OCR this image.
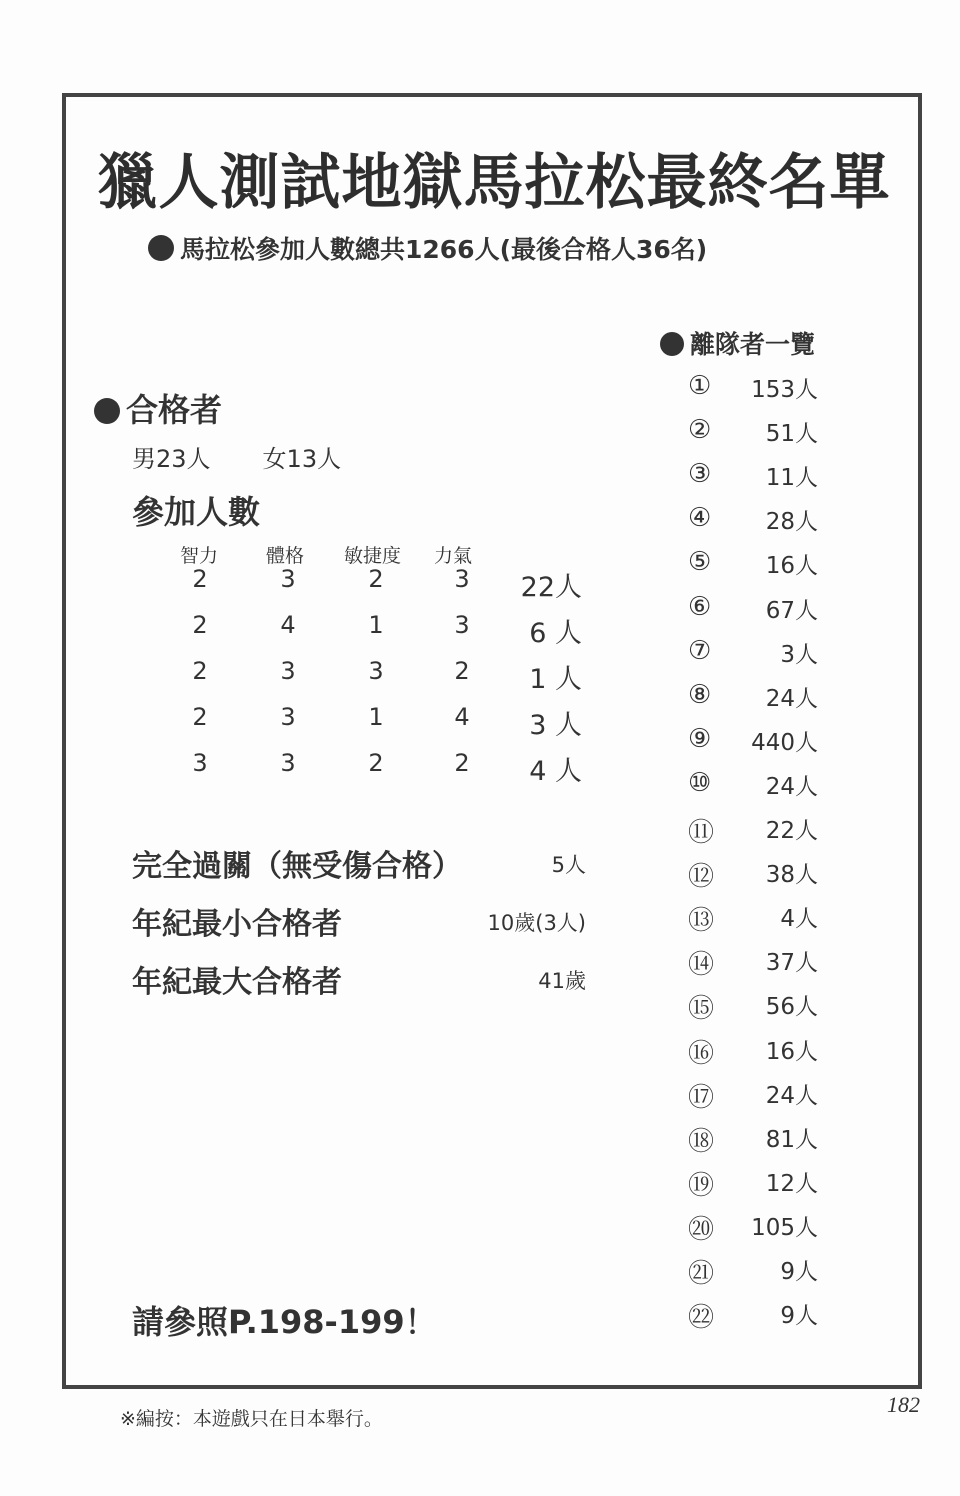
獵人測試地獄馬拉松最終名單
馬拉松參加人數總共1266人(最後合格人36名)
合格者
男23人 女13人
參加人數
智力	體格 敏捷度 力氣
2	3	2	3	22人
2	4	1	3	6 人
2	3	3	2	1 人
2	3	1	4	3 人
3	3	2	2	4 人
完全過關（無受傷合格）	5人
年紀最小合格者	10歲(3人)
年紀最大合格者	41歲
請參照P.198-199！
離隊者一覽
① 153人
② 51人
③ 11人
④ 28人
⑤ 16人
⑥ 67人
⑦	3人
⑧ 24人
⑨ 440人
⑩ 24人
⑪ 22人
⑫ 38人
⑬	4人
⑭ 37人
⑮ 56人
⑯ 16人
⑰ 24人
⑱ 81人
⑲ 12人
⑳ 105人
㉑	9人
㉒	9人
※編按：本遊戲只在日本舉行。
182
